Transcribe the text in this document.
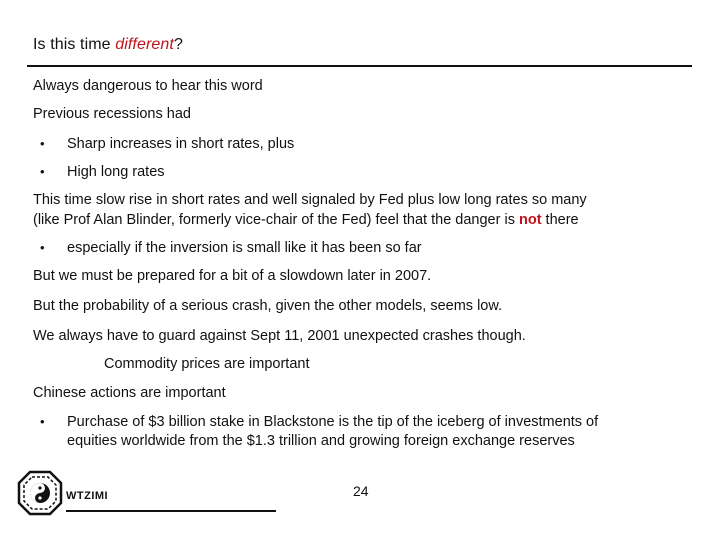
Is this time different?
Always dangerous to hear this word
Previous recessions had
• Sharp increases in short rates, plus
• High long rates
This time slow rise in short rates and well signaled by Fed plus low long rates so many
(like Prof Alan Blinder, formerly vice-chair of the Fed) feel that the danger is not there
• especially if the inversion is small like it has been so far
But we must be prepared for a bit of a slowdown later in 2007.
But the probability of a serious crash, given the other models, seems low.
We always have to guard against Sept 11, 2001 unexpected crashes though.
Commodity prices are important
Chinese actions are important
• Purchase of $3 billion stake in Blackstone is the tip of the iceberg of investments of
equities worldwide from the $1.3 trillion and growing foreign exchange reserves
WTZIMI	24
